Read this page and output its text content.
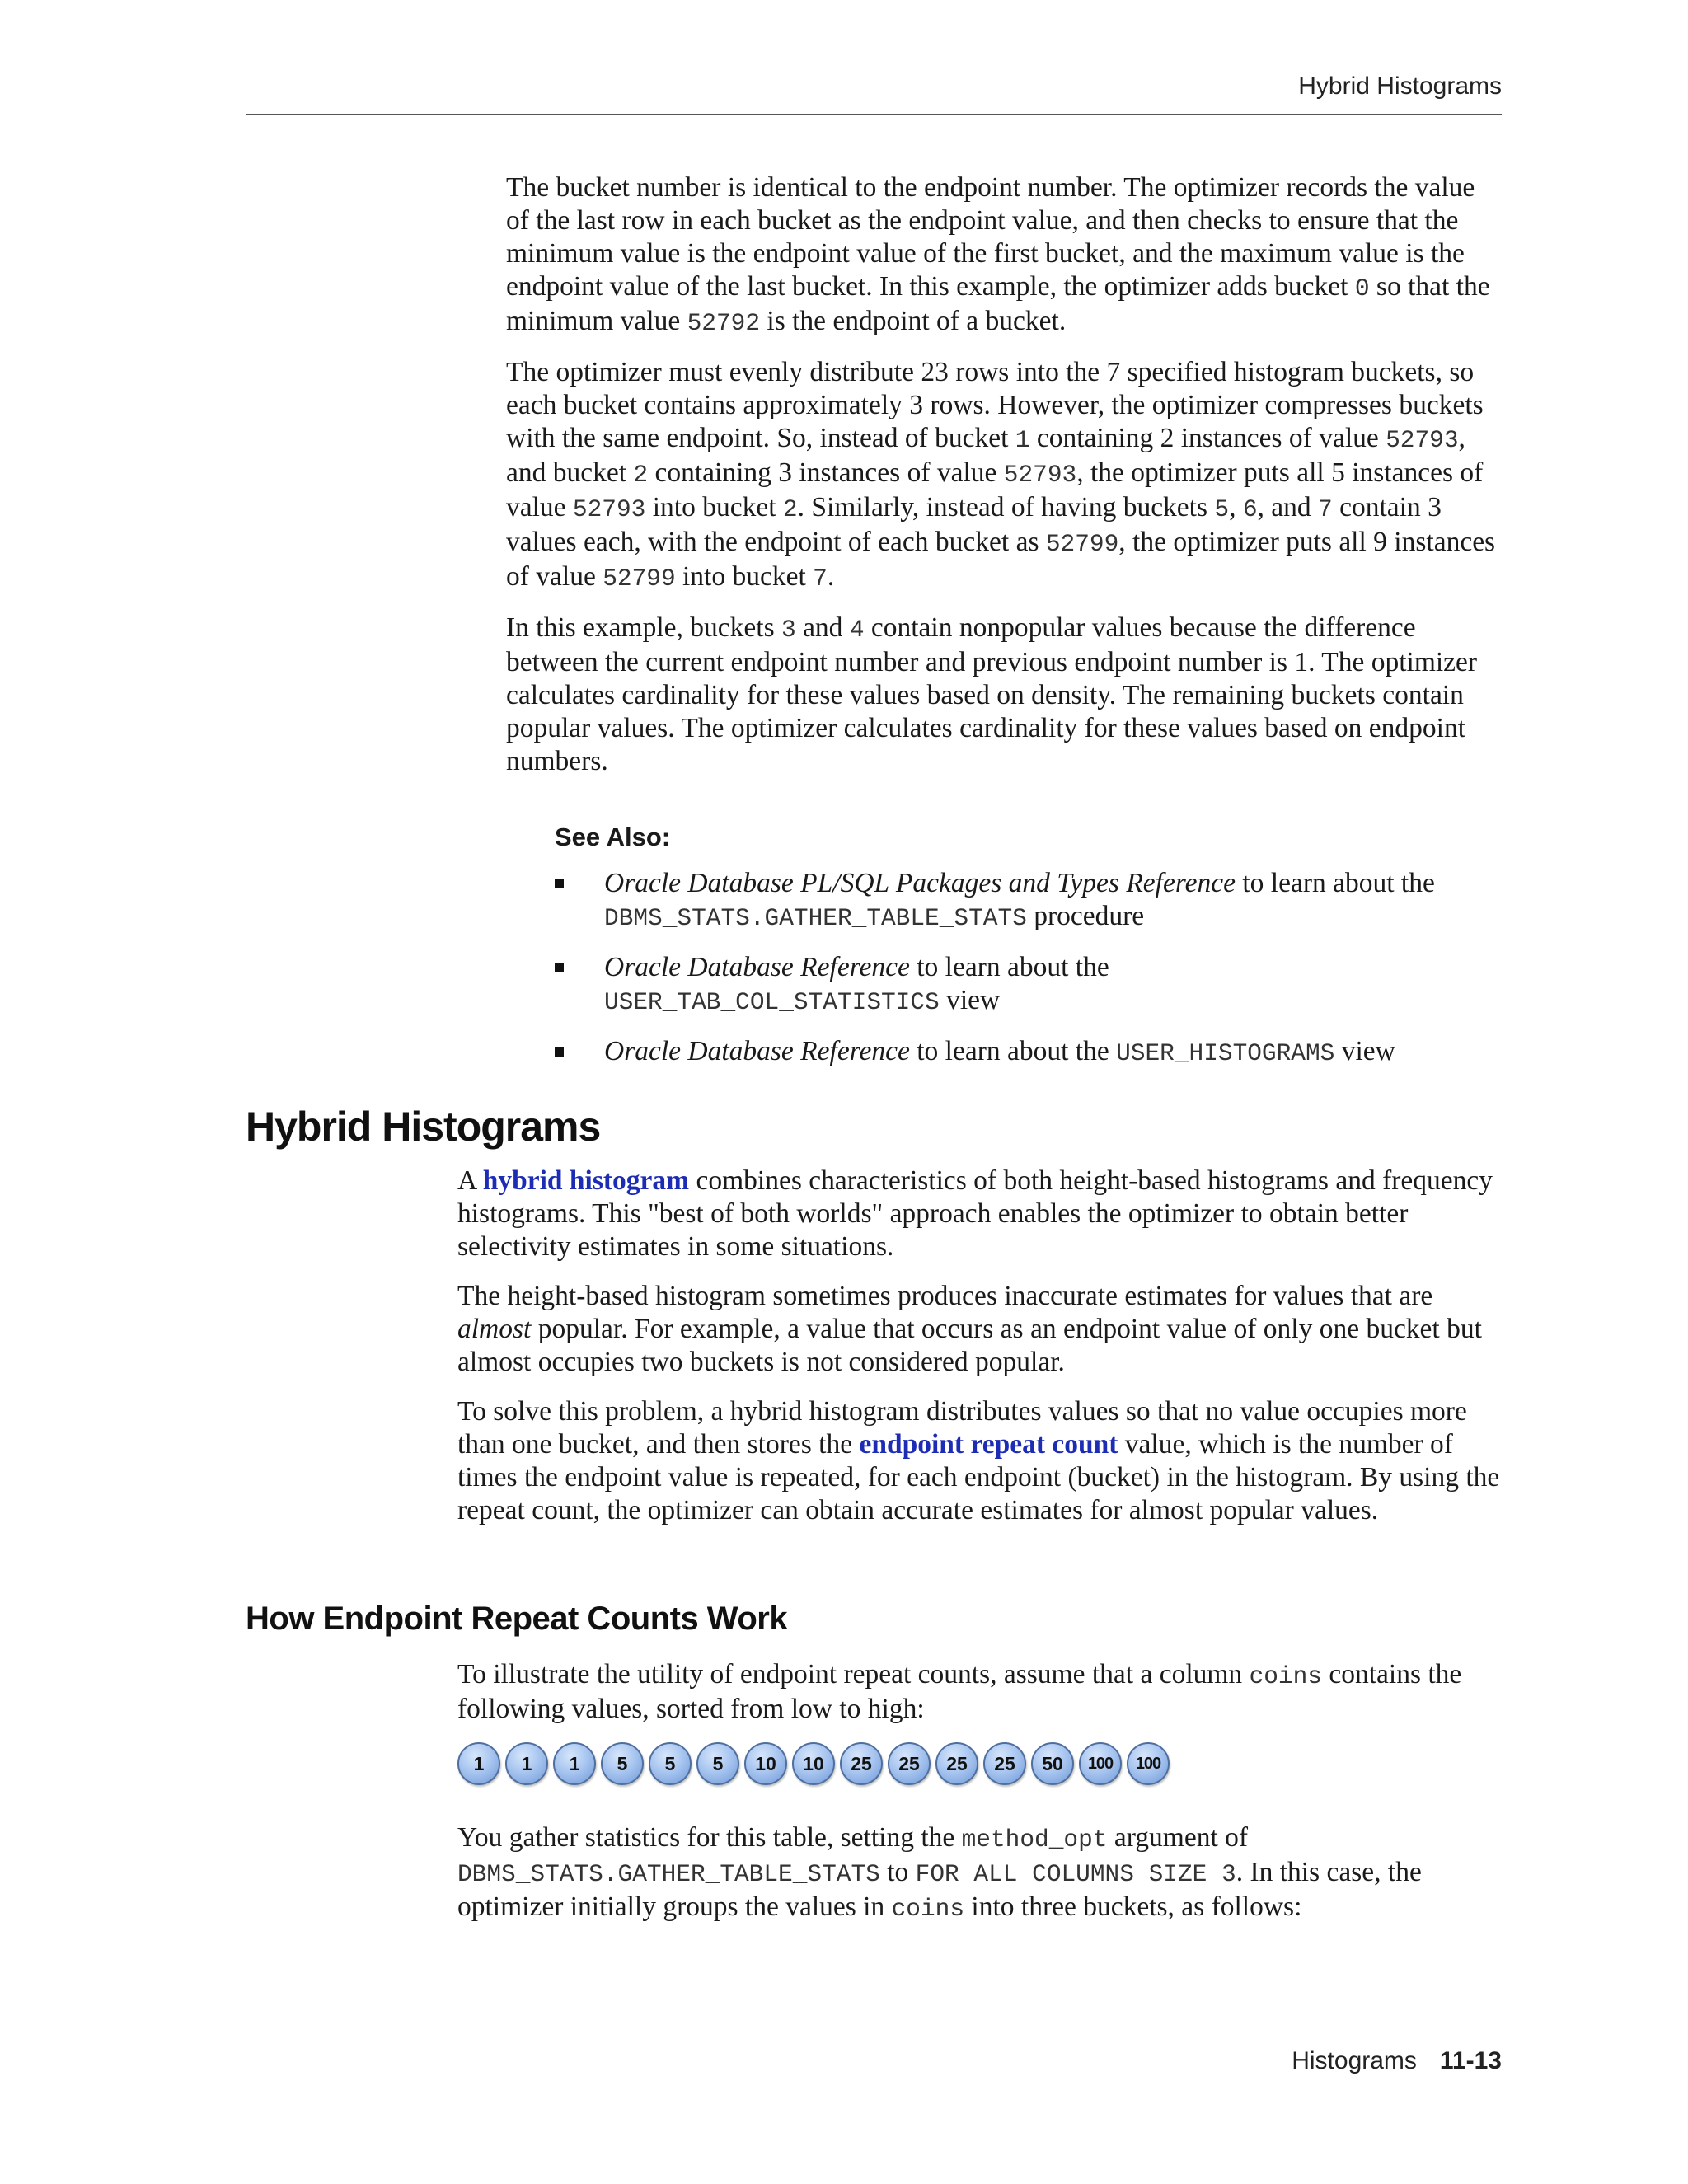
Hybrid Histograms

The bucket number is identical to the endpoint number. The optimizer records the value of the last row in each bucket as the endpoint value, and then checks to ensure that the minimum value is the endpoint value of the first bucket, and the maximum value is the endpoint value of the last bucket. In this example, the optimizer adds bucket 0 so that the minimum value 52792 is the endpoint of a bucket.

The optimizer must evenly distribute 23 rows into the 7 specified histogram buckets, so each bucket contains approximately 3 rows. However, the optimizer compresses buckets with the same endpoint. So, instead of bucket 1 containing 2 instances of value 52793, and bucket 2 containing 3 instances of value 52793, the optimizer puts all 5 instances of value 52793 into bucket 2. Similarly, instead of having buckets 5, 6, and 7 contain 3 values each, with the endpoint of each bucket as 52799, the optimizer puts all 9 instances of value 52799 into bucket 7.

In this example, buckets 3 and 4 contain nonpopular values because the difference between the current endpoint number and previous endpoint number is 1. The optimizer calculates cardinality for these values based on density. The remaining buckets contain popular values. The optimizer calculates cardinality for these values based on endpoint numbers.

See Also:
Oracle Database PL/SQL Packages and Types Reference to learn about the DBMS_STATS.GATHER_TABLE_STATS procedure
Oracle Database Reference to learn about the
USER_TAB_COL_STATISTICS view
Oracle Database Reference to learn about the USER_HISTOGRAMS view
Hybrid Histograms

A hybrid histogram combines characteristics of both height-based histograms and frequency histograms. This "best of both worlds" approach enables the optimizer to obtain better selectivity estimates in some situations.

The height-based histogram sometimes produces inaccurate estimates for values that are almost popular. For example, a value that occurs as an endpoint value of only one bucket but almost occupies two buckets is not considered popular.

To solve this problem, a hybrid histogram distributes values so that no value occupies more than one bucket, and then stores the endpoint repeat count value, which is the number of times the endpoint value is repeated, for each endpoint (bucket) in the histogram. By using the repeat count, the optimizer can obtain accurate estimates for almost popular values.

How Endpoint Repeat Counts Work

To illustrate the utility of endpoint repeat counts, assume that a column coins contains the following values, sorted from low to high:

1	1	1	5	5	5	10	10	25	25	25	25	50	100	100

You gather statistics for this table, setting the method_opt argument of
DBMS_STATS.GATHER_TABLE_STATS to FOR ALL COLUMNS SIZE 3. In this case, the optimizer initially groups the values in coins into three buckets, as follows:

Histograms 11-13
